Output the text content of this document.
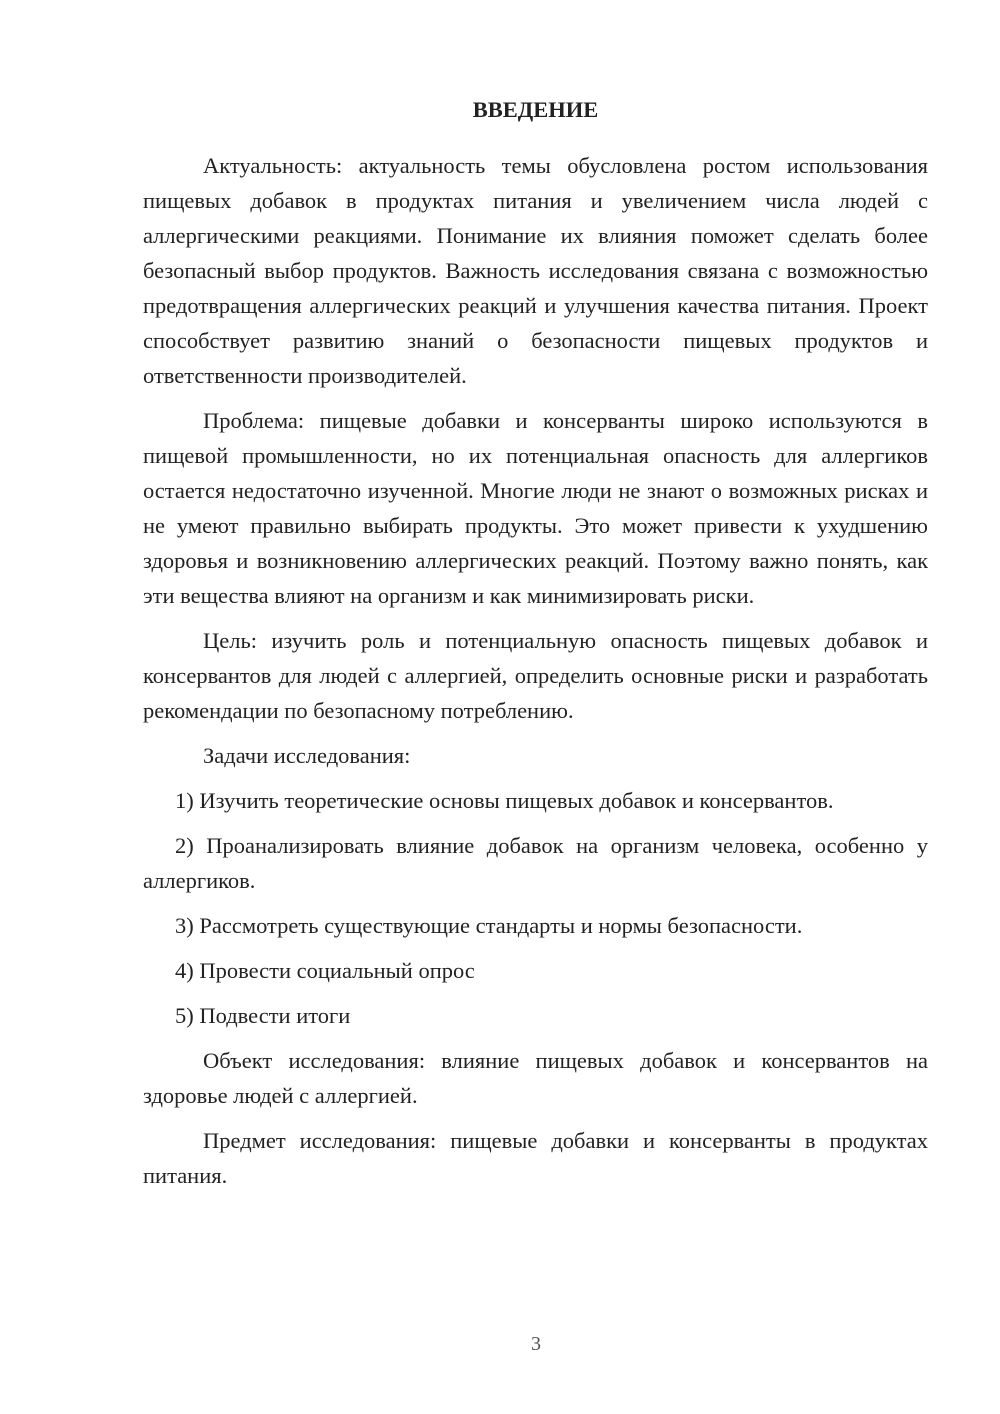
ВВЕДЕНИЕ

Актуальность: актуальность темы обусловлена ростом использования пищевых добавок в продуктах питания и увеличением числа людей с аллергическими реакциями. Понимание их влияния поможет сделать более безопасный выбор продуктов. Важность исследования связана с возможностью предотвращения аллергических реакций и улучшения качества питания. Проект способствует развитию знаний о безопасности пищевых продуктов и ответственности производителей.

Проблема: пищевые добавки и консерванты широко используются в пищевой промышленности, но их потенциальная опасность для аллергиков остается недостаточно изученной. Многие люди не знают о возможных рисках и не умеют правильно выбирать продукты. Это может привести к ухудшению здоровья и возникновению аллергических реакций. Поэтому важно понять, как эти вещества влияют на организм и как минимизировать риски.

Цель: изучить роль и потенциальную опасность пищевых добавок и консервантов для людей с аллергией, определить основные риски и разработать рекомендации по безопасному потреблению.

Задачи исследования:

1) Изучить теоретические основы пищевых добавок и консервантов.

2) Проанализировать влияние добавок на организм человека, особенно у аллергиков.

3) Рассмотреть существующие стандарты и нормы безопасности.

4) Провести социальный опрос

5) Подвести итоги

Объект исследования: влияние пищевых добавок и консервантов на здоровье людей с аллергией.

Предмет исследования: пищевые добавки и консерванты в продуктах питания.

3
